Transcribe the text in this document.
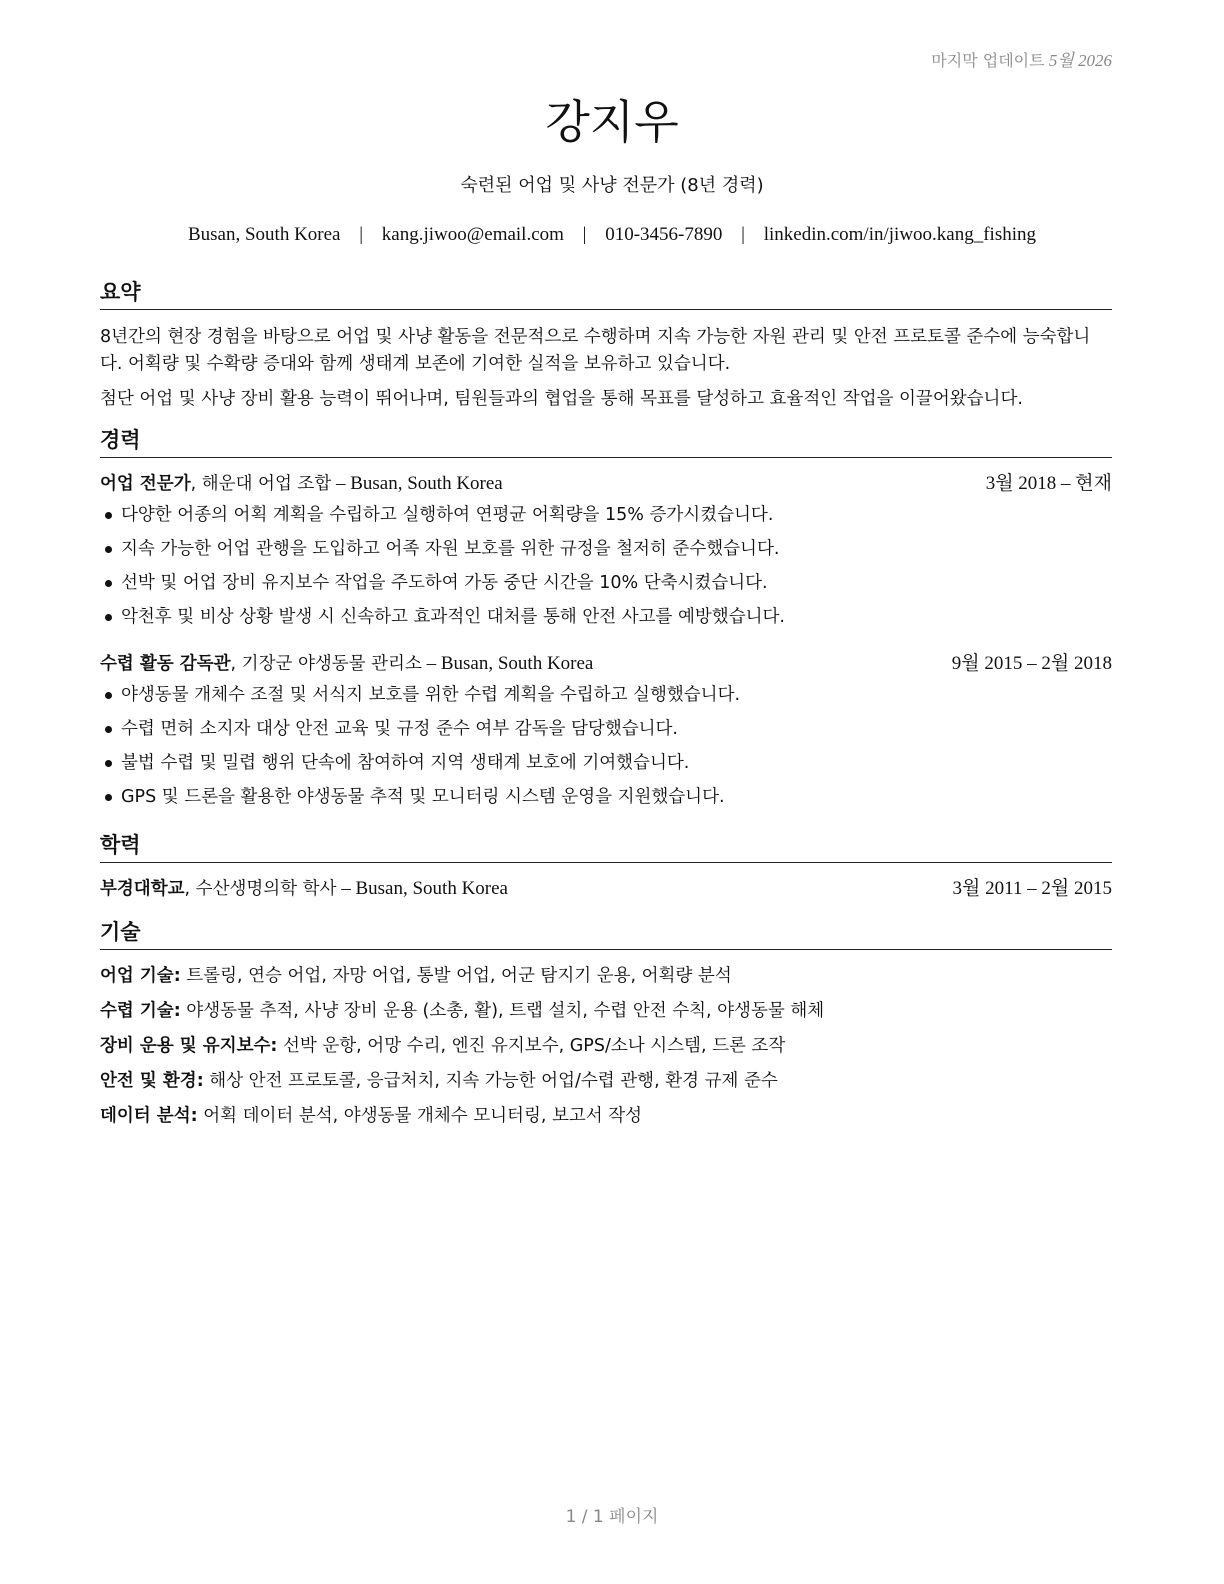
마지막 업데이트 5월 2026
강지우
숙련된 어업 및 사냥 전문가 (8년 경력)
Busan, South Korea | kang.jiwoo@email.com | 010-3456-7890 | linkedin.com/in/jiwoo.kang_fishing
요약

8년간의 현장 경험을 바탕으로 어업 및 사냥 활동을 전문적으로 수행하며 지속 가능한 자원 관리 및 안전 프로토콜 준수에 능숙합니다. 어획량 및 수확량 증대와 함께 생태계 보존에 기여한 실적을 보유하고 있습니다.

첨단 어업 및 사냥 장비 활용 능력이 뛰어나며, 팀원들과의 협업을 통해 목표를 달성하고 효율적인 작업을 이끌어왔습니다.

경력
어업 전문가, 해운대 어업 조합 – Busan, South Korea	3월 2018 – 현재
다양한 어종의 어획 계획을 수립하고 실행하여 연평균 어획량을 15% 증가시켰습니다.
지속 가능한 어업 관행을 도입하고 어족 자원 보호를 위한 규정을 철저히 준수했습니다.
선박 및 어업 장비 유지보수 작업을 주도하여 가동 중단 시간을 10% 단축시켰습니다.
악천후 및 비상 상황 발생 시 신속하고 효과적인 대처를 통해 안전 사고를 예방했습니다.
수렵 활동 감독관, 기장군 야생동물 관리소 – Busan, South Korea	9월 2015 – 2월 2018
야생동물 개체수 조절 및 서식지 보호를 위한 수렵 계획을 수립하고 실행했습니다.
수렵 면허 소지자 대상 안전 교육 및 규정 준수 여부 감독을 담당했습니다.
불법 수렵 및 밀렵 행위 단속에 참여하여 지역 생태계 보호에 기여했습니다.
GPS 및 드론을 활용한 야생동물 추적 및 모니터링 시스템 운영을 지원했습니다.
학력
부경대학교, 수산생명의학 학사 – Busan, South Korea	3월 2011 – 2월 2015
기술
어업 기술: 트롤링, 연승 어업, 자망 어업, 통발 어업, 어군 탐지기 운용, 어획량 분석
수렵 기술: 야생동물 추적, 사냥 장비 운용 (소총, 활), 트랩 설치, 수렵 안전 수칙, 야생동물 해체
장비 운용 및 유지보수: 선박 운항, 어망 수리, 엔진 유지보수, GPS/소나 시스템, 드론 조작
안전 및 환경: 해상 안전 프로토콜, 응급처치, 지속 가능한 어업/수렵 관행, 환경 규제 준수
데이터 분석: 어획 데이터 분석, 야생동물 개체수 모니터링, 보고서 작성
1 / 1 페이지
